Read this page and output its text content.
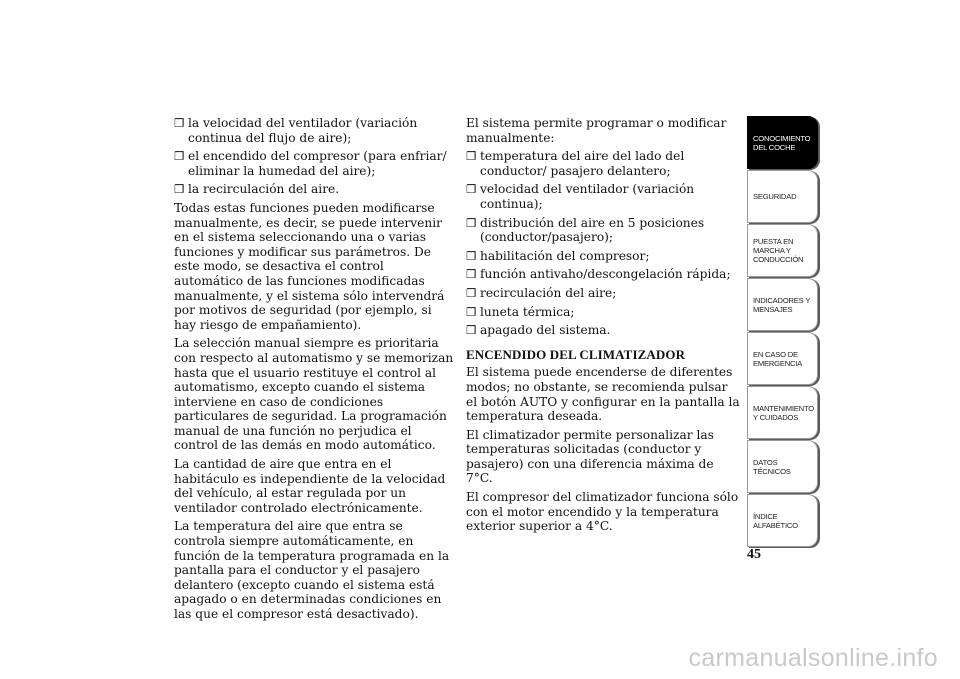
❒ la velocidad del ventilador (variación continua del flujo de aire);
❒ el encendido del compresor (para enfriar/ eliminar la humedad del aire);
❒ la recirculación del aire.

Todas estas funciones pueden modificarse manualmente, es decir, se puede intervenir en el sistema seleccionando una o varias funciones y modificar sus parámetros. De este modo, se desactiva el control automático de las funciones modificadas manualmente, y el sistema sólo intervendrá por motivos de seguridad (por ejemplo, si hay riesgo de empañamiento).

La selección manual siempre es prioritaria con respecto al automatismo y se memorizan hasta que el usuario restituye el control al automatismo, excepto cuando el sistema interviene en caso de condiciones particulares de seguridad. La programación manual de una función no perjudica el control de las demás en modo automático.

La cantidad de aire que entra en el habitáculo es independiente de la velocidad del vehículo, al estar regulada por un ventilador controlado electrónicamente.

La temperatura del aire que entra se controla siempre automáticamente, en función de la temperatura programada en la pantalla para el conductor y el pasajero delantero (excepto cuando el sistema está apagado o en determinadas condiciones en las que el compresor está desactivado).

El sistema permite programar o modificar manualmente:

❒ temperatura del aire del lado del conductor/ pasajero delantero;
❒ velocidad del ventilador (variación continua);
❒ distribución del aire en 5 posiciones (conductor/pasajero);
❒ habilitación del compresor;
❒ función antivaho/descongelación rápida;
❒ recirculación del aire;
❒ luneta térmica;
❒ apagado del sistema.
ENCENDIDO DEL CLIMATIZADOR

El sistema puede encenderse de diferentes modos; no obstante, se recomienda pulsar el botón AUTO y configurar en la pantalla la temperatura deseada.

El climatizador permite personalizar las temperaturas solicitadas (conductor y pasajero) con una diferencia máxima de 7°C.

El compresor del climatizador funciona sólo con el motor encendido y la temperatura exterior superior a 4°C.

CONOCIMIENTO DEL COCHE
SEGURIDAD
PUESTA EN MARCHA Y CONDUCCIÓN
INDICADORES Y MENSAJES
EN CASO DE EMERGENCIA
MANTENIMIENTO Y CUIDADOS
DATOS TÉCNICOS
ÍNDICE ALFABÉTICO
45
carmanualsonline.info
